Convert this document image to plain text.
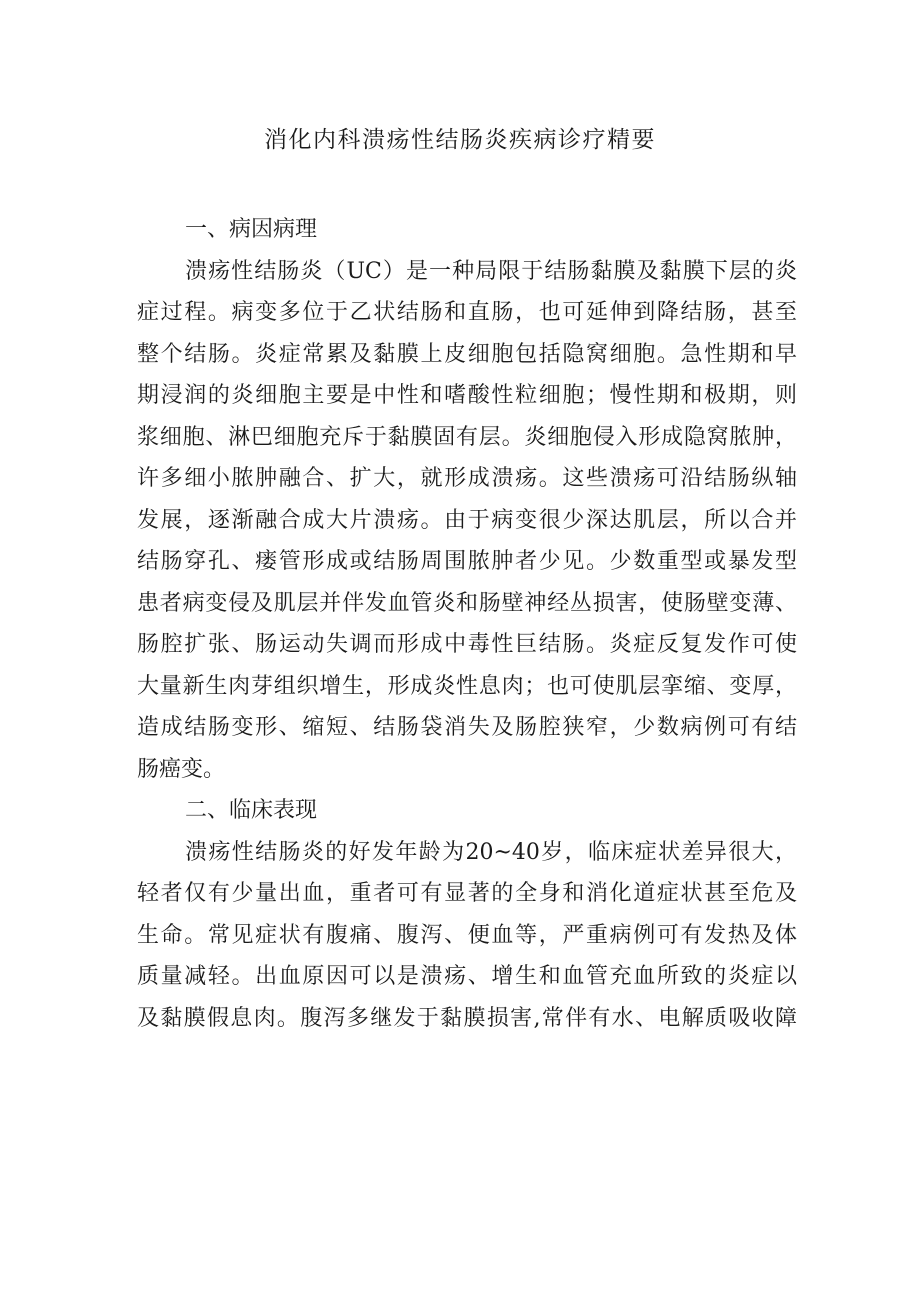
消化内科溃疡性结肠炎疾病诊疗精要
一、病因病理
溃疡性结肠炎（UC）是一种局限于结肠黏膜及黏膜下层的炎
症过程。病变多位于乙状结肠和直肠，也可延伸到降结肠，甚至
整个结肠。炎症常累及黏膜上皮细胞包括隐窝细胞。急性期和早
期浸润的炎细胞主要是中性和嗜酸性粒细胞；慢性期和极期，则
浆细胞、淋巴细胞充斥于黏膜固有层。炎细胞侵入形成隐窝脓肿，
许多细小脓肿融合、扩大，就形成溃疡。这些溃疡可沿结肠纵轴
发展，逐渐融合成大片溃疡。由于病变很少深达肌层，所以合并
结肠穿孔、瘘管形成或结肠周围脓肿者少见。少数重型或暴发型
患者病变侵及肌层并伴发血管炎和肠壁神经丛损害，使肠壁变薄、
肠腔扩张、肠运动失调而形成中毒性巨结肠。炎症反复发作可使
大量新生肉芽组织增生，形成炎性息肉；也可使肌层挛缩、变厚，
造成结肠变形、缩短、结肠袋消失及肠腔狭窄，少数病例可有结
肠癌变。
二、临床表现
溃疡性结肠炎的好发年龄为20~40岁，临床症状差异很大，
轻者仅有少量出血，重者可有显著的全身和消化道症状甚至危及
生命。常见症状有腹痛、腹泻、便血等，严重病例可有发热及体
质量减轻。出血原因可以是溃疡、增生和血管充血所致的炎症以
及黏膜假息肉。腹泻多继发于黏膜损害,常伴有水、电解质吸收障
